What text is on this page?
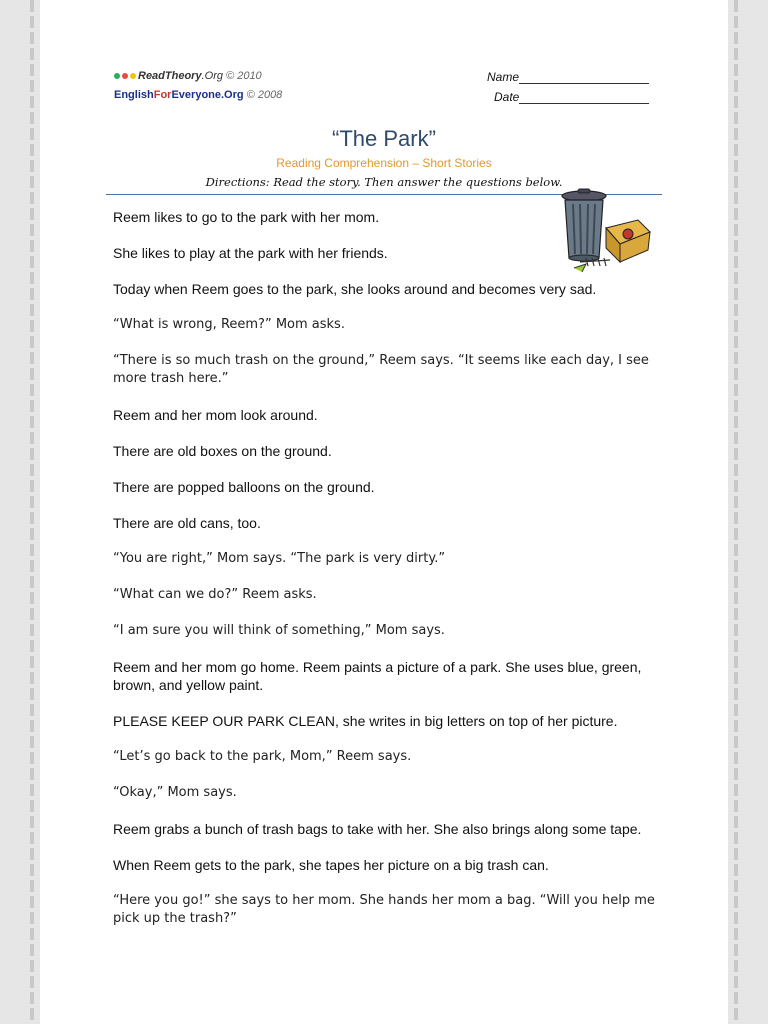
ReadTheory.Org © 2010
EnglishForEveryone.Org © 2008
Name
Date
“The Park”
Reading Comprehension – Short Stories
Directions: Read the story. Then answer the questions below.

Reem likes to go to the park with her mom.

She likes to play at the park with her friends.

Today when Reem goes to the park, she looks around and becomes very sad.

“What is wrong, Reem?” Mom asks.

“There is so much trash on the ground,” Reem says. “It seems like each day, I see more trash here.”

Reem and her mom look around.

There are old boxes on the ground.

There are popped balloons on the ground.

There are old cans, too.

“You are right,” Mom says. “The park is very dirty.”

“What can we do?” Reem asks.

“I am sure you will think of something,” Mom says.

Reem and her mom go home. Reem paints a picture of a park. She uses blue, green, brown, and yellow paint.

PLEASE KEEP OUR PARK CLEAN, she writes in big letters on top of her picture.

“Let’s go back to the park, Mom,” Reem says.

“Okay,” Mom says.

Reem grabs a bunch of trash bags to take with her. She also brings along some tape.

When Reem gets to the park, she tapes her picture on a big trash can.

“Here you go!” she says to her mom. She hands her mom a bag. “Will you help me pick up the trash?”
